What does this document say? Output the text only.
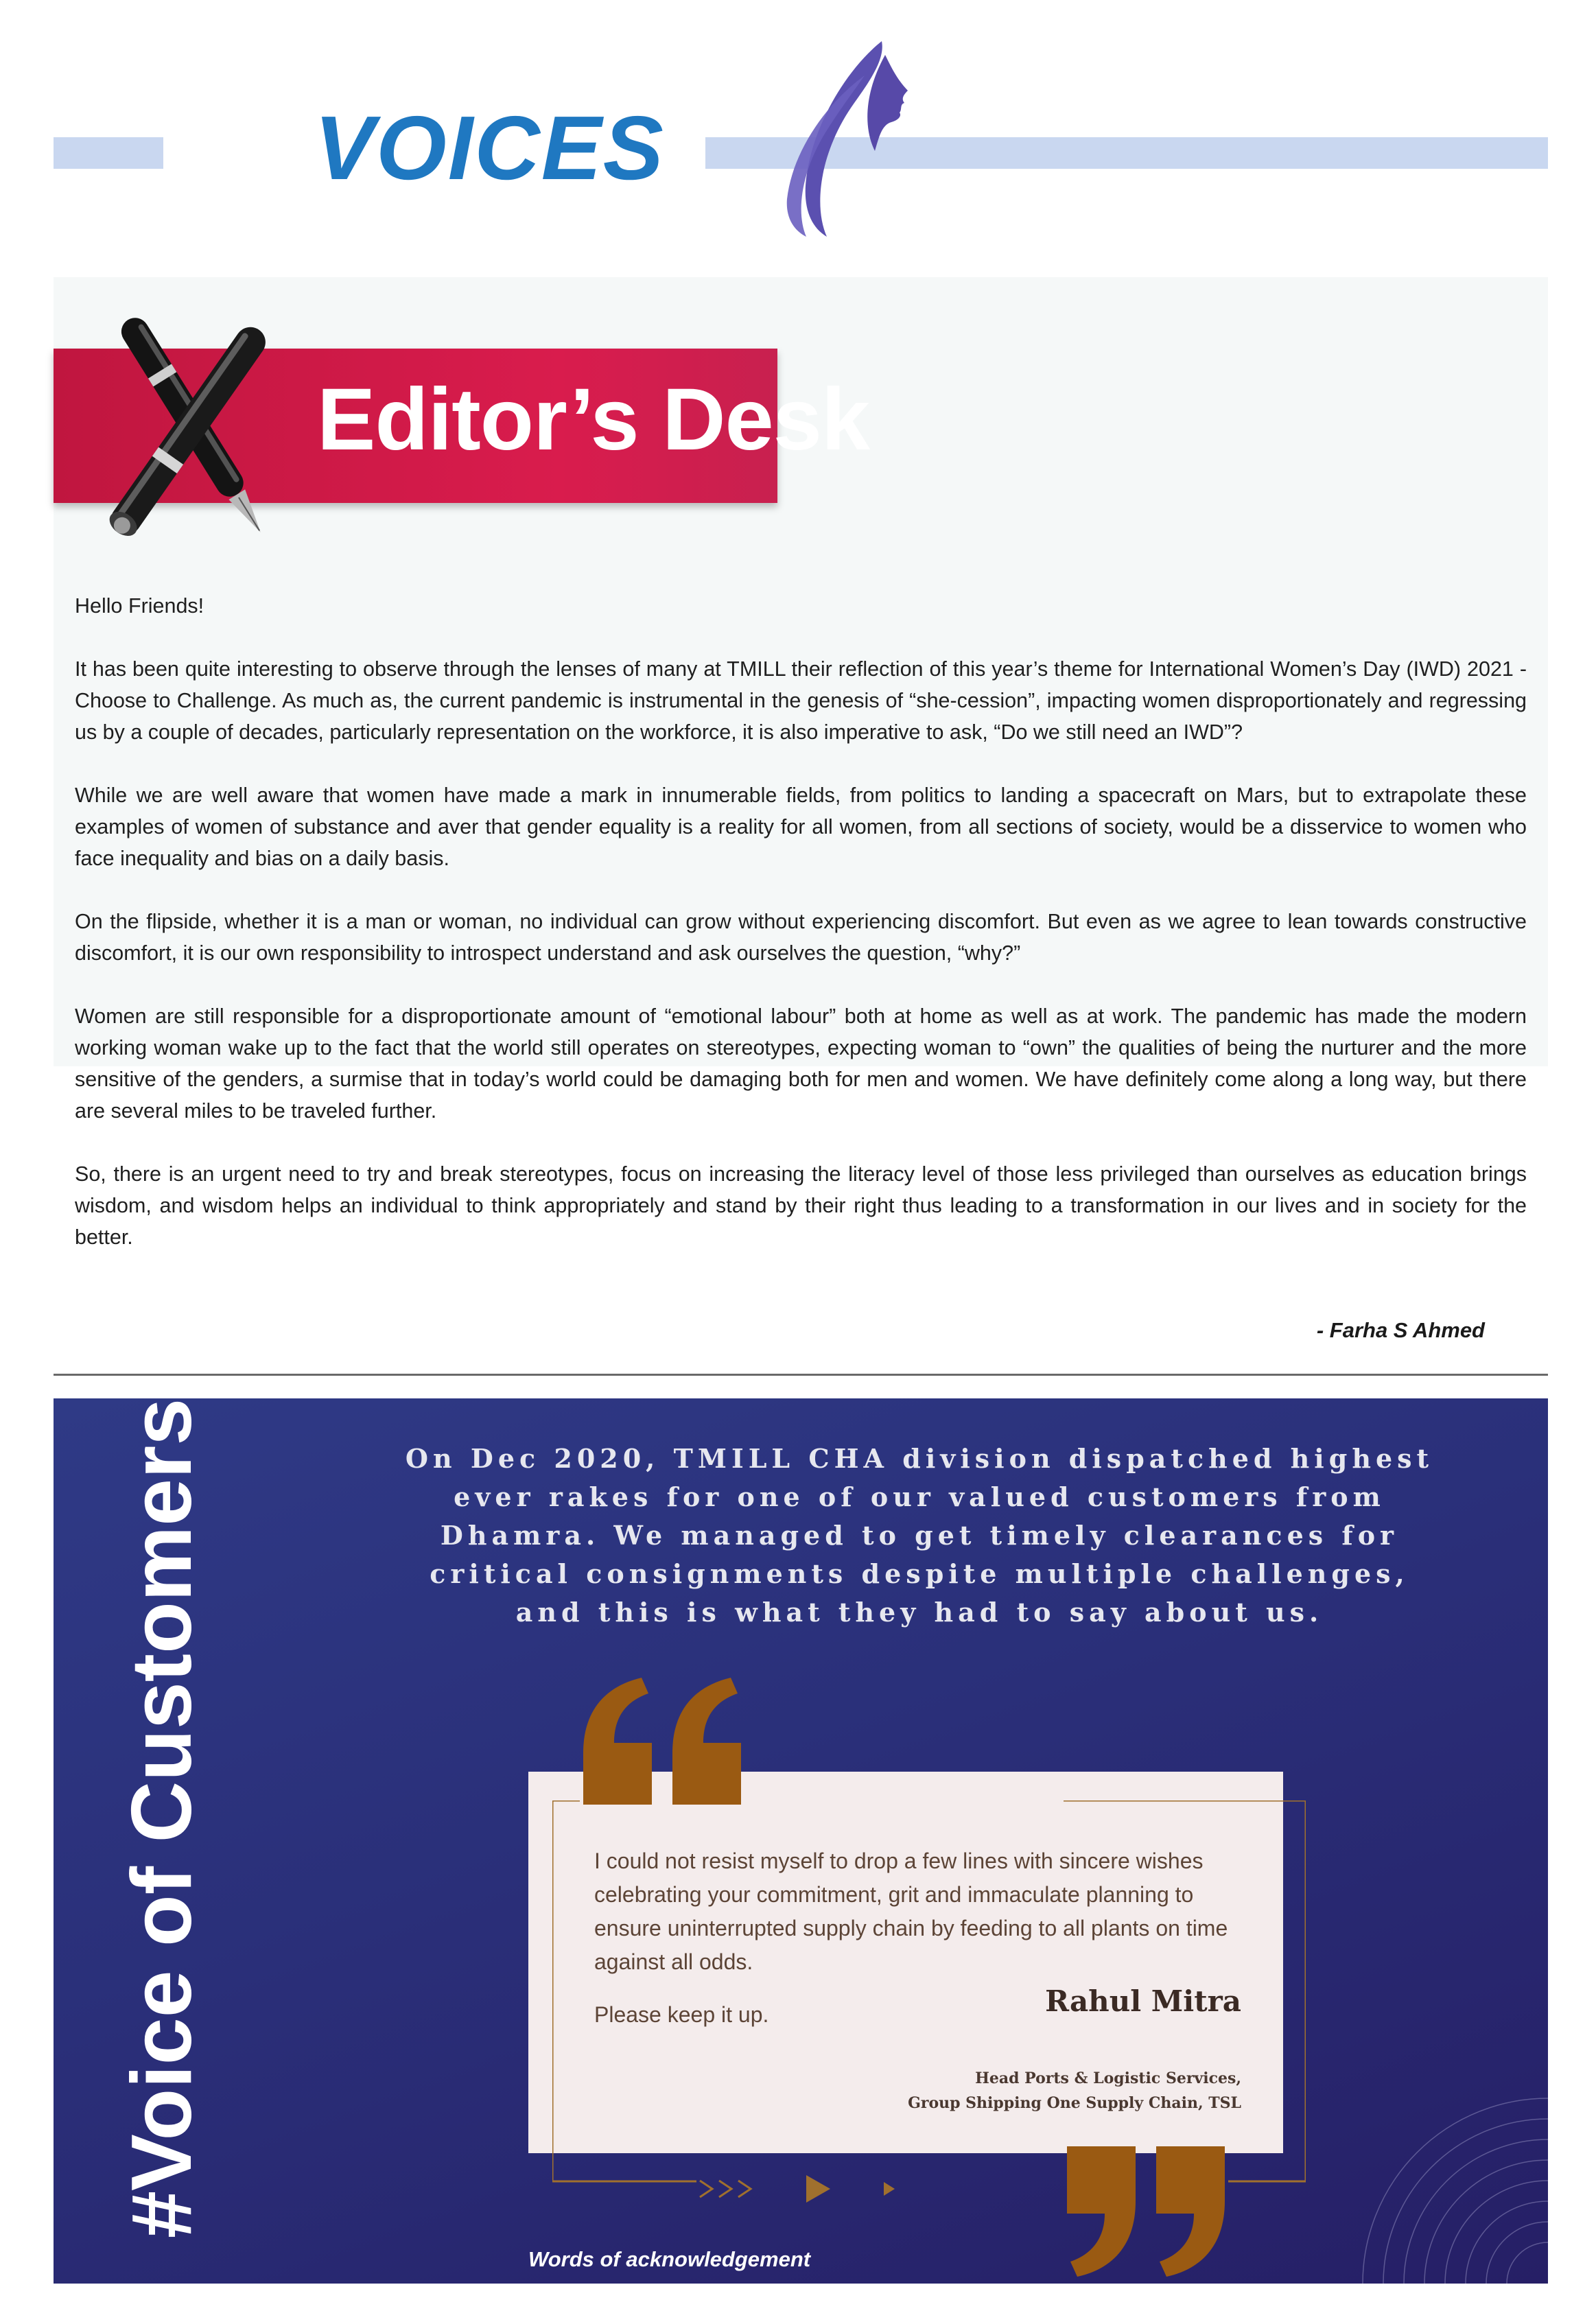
VOICES
Editor’s Desk

Hello Friends!

It has been quite interesting to observe through the lenses of many at TMILL their reflection of this year’s theme for International Women’s Day (IWD) 2021 - Choose to Challenge. As much as, the current pandemic is instrumental in the genesis of “she-cession”, impacting women disproportionately and regressing us by a couple of decades, particularly representation on the workforce, it is also imperative to ask, “Do we still need an IWD”?

While we are well aware that women have made a mark in innumerable fields, from politics to landing a spacecraft on Mars, but to extrapolate these examples of women of substance and aver that gender equality is a reality for all women, from all sections of society, would be a disservice to women who face inequality and bias on a daily basis.

On the flipside, whether it is a man or woman, no individual can grow without experiencing discomfort. But even as we agree to lean towards constructive discomfort, it is our own responsibility to introspect understand and ask ourselves the question, “why?”

Women are still responsible for a disproportionate amount of “emotional labour” both at home as well as at work. The pandemic has made the modern working woman wake up to the fact that the world still operates on stereotypes, expecting woman to “own” the qualities of being the nurturer and the more sensitive of the genders, a surmise that in today’s world could be damaging both for men and women. We have definitely come along a long way, but there are several miles to be traveled further.

So, there is an urgent need to try and break stereotypes, focus on increasing the literacy level of those less privileged than ourselves as education brings wisdom, and wisdom helps an individual to think appropriately and stand by their right thus leading to a transformation in our lives and in society for the better.

- Farha S Ahmed
#Voice of Customers	On Dec 2020, TMILL CHA division dispatched highest
ever rakes for one of our valued customers from
Dhamra. We managed to get timely clearances for
critical consignments despite multiple challenges,
and this is what they had to say about us.

I could not resist myself to drop a few lines with sincere wishes celebrating your commitment, grit and immaculate planning to ensure uninterrupted supply chain by feeding to all plants on time against all odds.

Please keep it up.	Rahul Mitra
Head Ports & Logistic Services,
Group Shipping One Supply Chain, TSL
Words of acknowledgement
